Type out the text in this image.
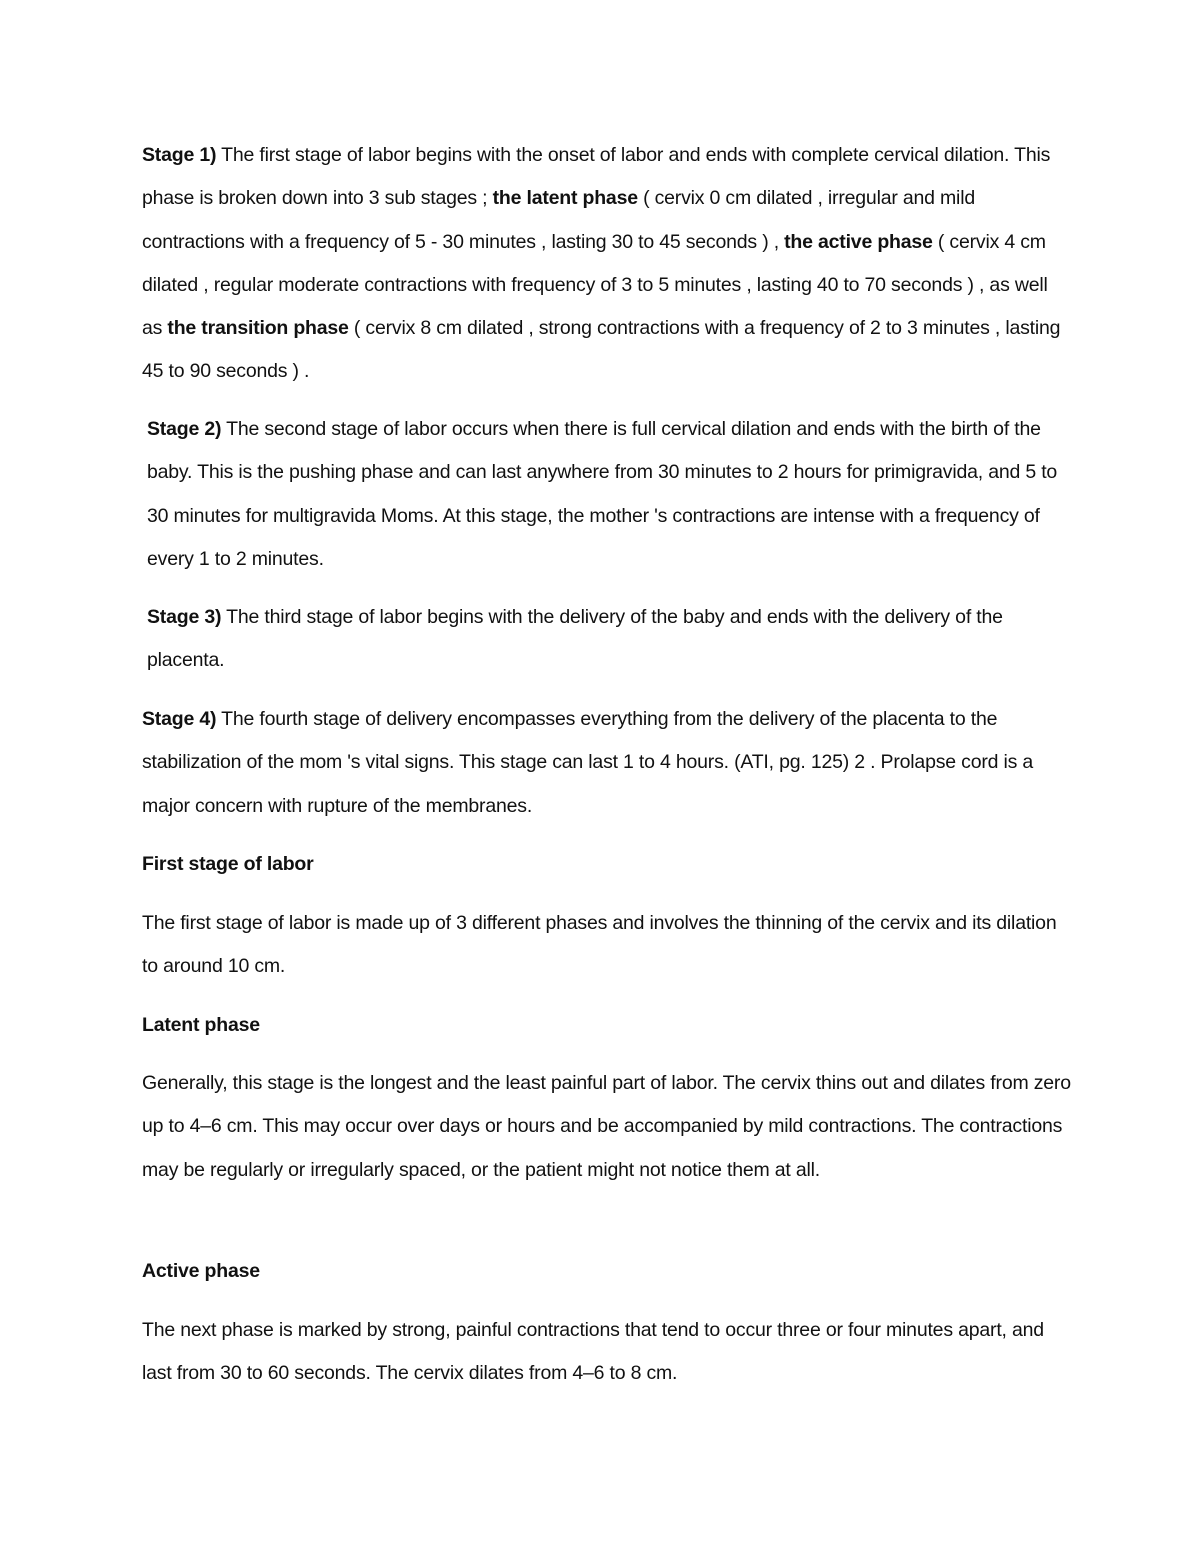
Stage 1) The first stage of labor begins with the onset of labor and ends with complete cervical dilation. This phase is broken down into 3 sub stages ; the latent phase ( cervix 0 cm dilated , irregular and mild contractions with a frequency of 5 - 30 minutes , lasting 30 to 45 seconds ) , the active phase ( cervix 4 cm dilated , regular moderate contractions with frequency of 3 to 5 minutes , lasting 40 to 70 seconds ) , as well as the transition phase ( cervix 8 cm dilated , strong contractions with a frequency of 2 to 3 minutes , lasting 45 to 90 seconds ) .

Stage 2) The second stage of labor occurs when there is full cervical dilation and ends with the birth of the baby. This is the pushing phase and can last anywhere from 30 minutes to 2 hours for primigravida, and 5 to 30 minutes for multigravida Moms. At this stage, the mother 's contractions are intense with a frequency of every 1 to 2 minutes.

Stage 3) The third stage of labor begins with the delivery of the baby and ends with the delivery of the placenta.

Stage 4) The fourth stage of delivery encompasses everything from the delivery of the placenta to the stabilization of the mom 's vital signs. This stage can last 1 to 4 hours. (ATI, pg. 125) 2 . Prolapse cord is a major concern with rupture of the membranes.

First stage of labor

The first stage of labor is made up of 3 different phases and involves the thinning of the cervix and its dilation to around 10 cm.

Latent phase

Generally, this stage is the longest and the least painful part of labor. The cervix thins out and dilates from zero up to 4–6 cm. This may occur over days or hours and be accompanied by mild contractions. The contractions may be regularly or irregularly spaced, or the patient might not notice them at all.

Active phase

The next phase is marked by strong, painful contractions that tend to occur three or four minutes apart, and last from 30 to 60 seconds. The cervix dilates from 4–6 to 8 cm.
